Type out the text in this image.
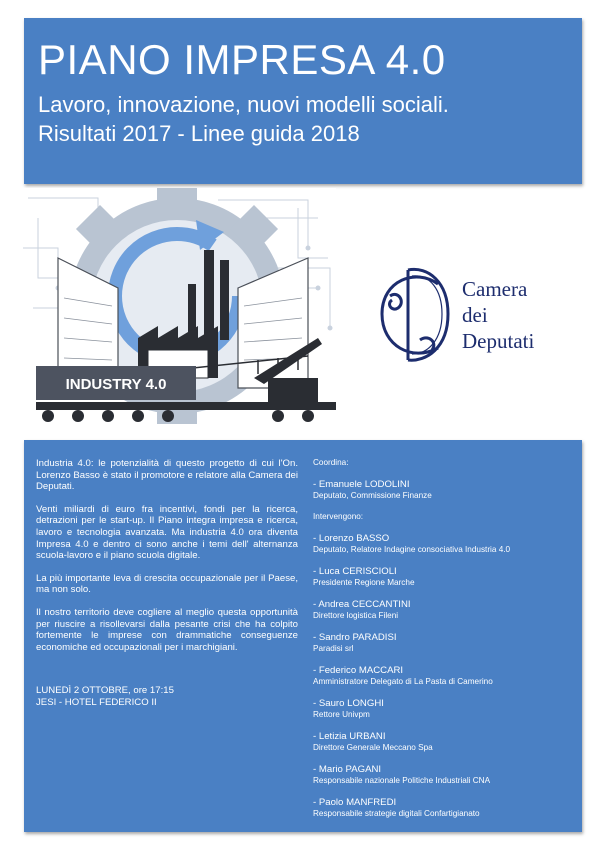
PIANO IMPRESA 4.0
Lavoro, innovazione, nuovi modelli sociali.
Risultati 2017 - Linee guida 2018
INDUSTRY 4.0
Camera
dei
Deputati

Industria 4.0: le potenzialità di questo progetto di cui l'On. Lorenzo Basso è stato il promotore e relatore alla Camera dei Deputati.

Venti miliardi di euro fra incentivi, fondi per la ricerca, detrazioni per le start-up. Il Piano integra impresa e ricerca, lavoro e tecnologia avanzata. Ma industria 4.0 ora diventa Impresa 4.0 e dentro ci sono anche i temi dell' alternanza scuola-lavoro e il piano scuola digitale.

La più importante leva di crescita occupazionale per il Paese, ma non solo.

Il nostro territorio deve cogliere al meglio questa opportunità per riuscire a risollevarsi dalla pesante crisi che ha colpito fortemente le imprese con drammatiche conseguenze economiche ed occupazionali per i marchigiani.

LUNEDÌ 2 OTTOBRE, ore 17:15
JESI - HOTEL FEDERICO II
Coordina:
- Emanuele LODOLINI
Deputato, Commissione Finanze
Intervengono:
- Lorenzo BASSO
Deputato, Relatore Indagine consociativa Industria 4.0
- Luca CERISCIOLI
Presidente Regione Marche
- Andrea CECCANTINI
Direttore logistica Fileni
- Sandro PARADISI
Paradisi srl
- Federico MACCARI
Amministratore Delegato di La Pasta di Camerino
- Sauro LONGHI
Rettore Univpm
- Letizia URBANI
Direttore Generale Meccano Spa
- Mario PAGANI
Responsabile nazionale Politiche Industriali CNA
- Paolo MANFREDI
Responsabile strategie digitali Confartigianato
